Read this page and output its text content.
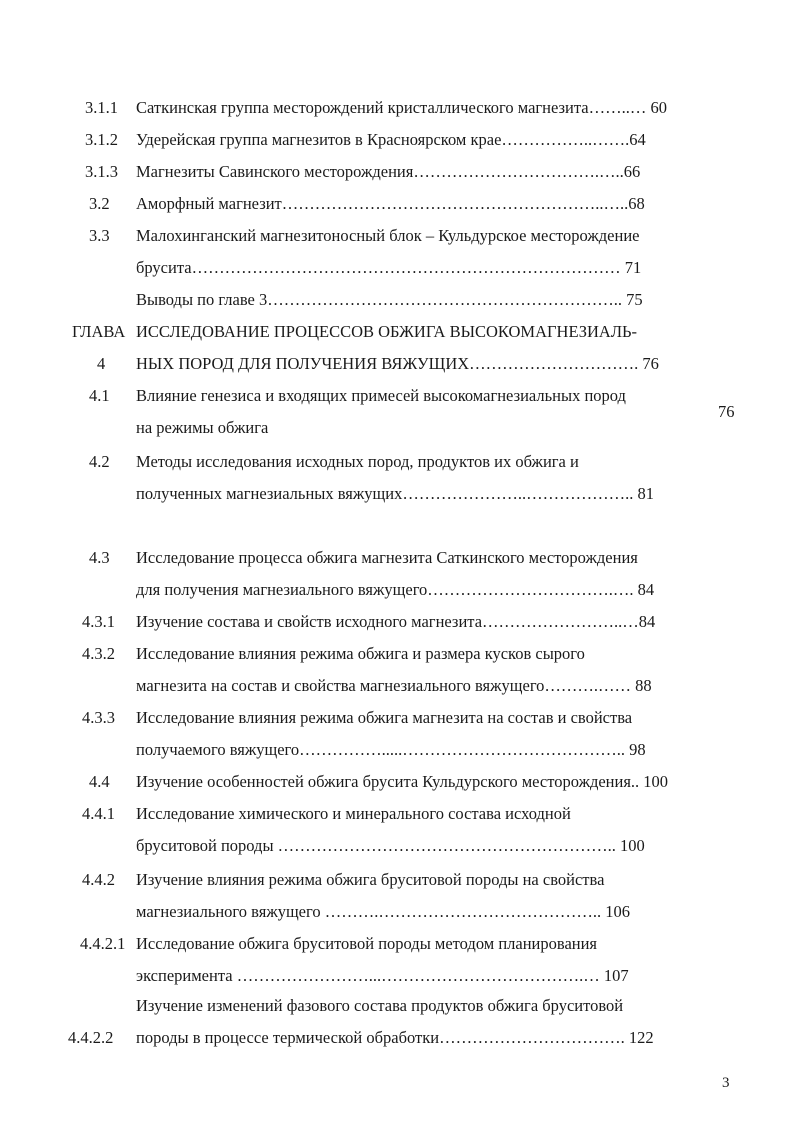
3.1.1 Саткинская группа месторождений кристаллического магнезита……..… 60
3.1.2 Удерейская группа магнезитов в Красноярском крае……………..…….64
3.1.3 Магнезиты Савинского месторождения…………………………….…..66
3.2 Аморфный магнезит…………………………………………………..…..68
3.3 Малохинганский магнезитоносный блок – Кульдурское месторождение
брусита…………………………………………………………………… 71
Выводы по главе 3……………………………………………………….. 75
ГЛАВА ИССЛЕДОВАНИЕ ПРОЦЕССОВ ОБЖИГА ВЫСОКОМАГНЕЗИАЛЬ-
4 НЫХ ПОРОД ДЛЯ ПОЛУЧЕНИЯ ВЯЖУЩИХ…………………………. 76
4.1 Влияние генезиса и входящих примесей высокомагнезиальных пород
76
на режимы обжига
4.2 Методы исследования исходных пород, продуктов их обжига и
полученных магнезиальных вяжущих…………………..……………….. 81
4.3 Исследование процесса обжига магнезита Саткинского месторождения
для получения магнезиального вяжущего…………………………….…. 84
4.3.1 Изучение состава и свойств исходного магнезита……………………..…84
4.3.2 Исследование влияния режима обжига и размера кусков сырого
магнезита на состав и свойства магнезиального вяжущего……….…… 88
4.3.3 Исследование влияния режима обжига магнезита на состав и свойства
получаемого вяжущего…………….....………………………………….. 98
4.4 Изучение особенностей обжига брусита Кульдурского месторождения.. 100
4.4.1 Исследование химического и минерального состава исходной
бруситовой породы …………………………………………………….. 100
4.4.2 Изучение влияния режима обжига бруситовой породы на свойства
магнезиального вяжущего ……….………………………………….. 106
4.4.2.1 Исследование обжига бруситовой породы методом планирования
эксперимента ……………………...……………………………….… 107
Изучение изменений фазового состава продуктов обжига бруситовой
4.4.2.2 породы в процессе термической обработки……………………………. 122
3
